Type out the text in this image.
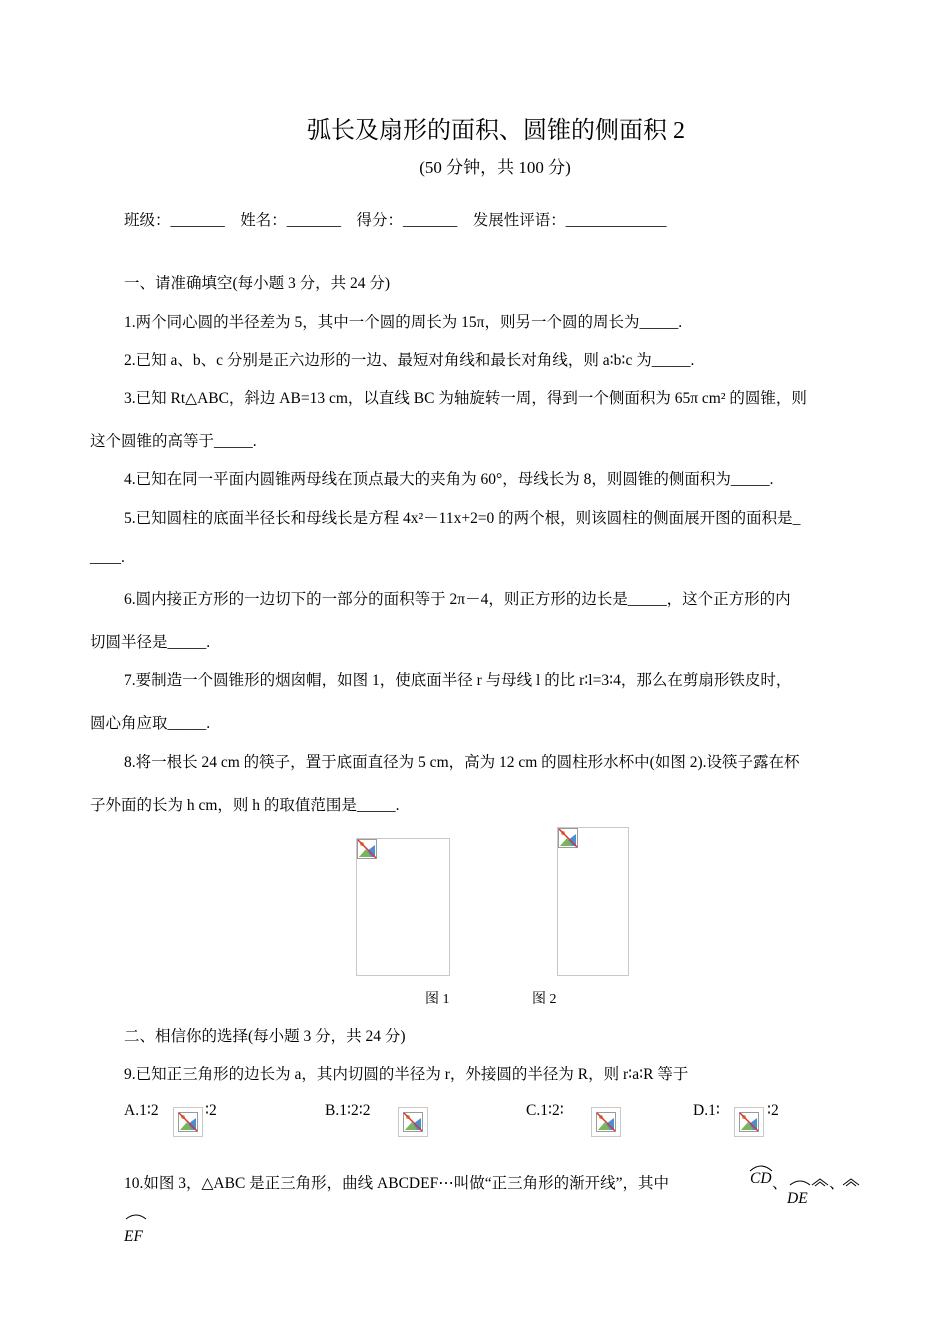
弧长及扇形的面积、圆锥的侧面积 2
(50 分钟，共 100 分)
班级：_______　姓名：_______　得分：_______　发展性评语：_____________
一、请准确填空(每小题 3 分，共 24 分)
1.两个同心圆的半径差为 5，其中一个圆的周长为 15π，则另一个圆的周长为_____.
2.已知 a、b、c 分别是正六边形的一边、最短对角线和最长对角线，则 a∶b∶c 为_____.
3.已知 Rt△ABC，斜边 AB=13 cm，以直线 BC 为轴旋转一周，得到一个侧面积为 65π cm² 的圆锥，则
这个圆锥的高等于_____.
4.已知在同一平面内圆锥两母线在顶点最大的夹角为 60°，母线长为 8，则圆锥的侧面积为_____.
5.已知圆柱的底面半径长和母线长是方程 4x²－11x+2=0 的两个根，则该圆柱的侧面展开图的面积是_
____.
6.圆内接正方形的一边切下的一部分的面积等于 2π－4，则正方形的边长是_____，这个正方形的内
切圆半径是_____.
7.要制造一个圆锥形的烟囱帽，如图 1，使底面半径 r 与母线 l 的比 r∶l=3∶4，那么在剪扇形铁皮时，
圆心角应取_____.
8.将一根长 24 cm 的筷子，置于底面直径为 5 cm，高为 12 cm 的圆柱形水杯中(如图 2).设筷子露在杯
子外面的长为 h cm，则 h 的取值范围是_____.
图 1	图 2
二、相信你的选择(每小题 3 分，共 24 分)
9.已知正三角形的边长为 a，其内切圆的半径为 r，外接圆的半径为 R，则 r∶a∶R 等于
A.1∶2	∶2	B.1∶2∶2	C.1∶2∶	D.1∶	∶2
10.如图 3，△ABC 是正三角形，曲线 ABCDEF⋯叫做“正三角形的渐开线”，其中	CD 、
DE
、
EF
